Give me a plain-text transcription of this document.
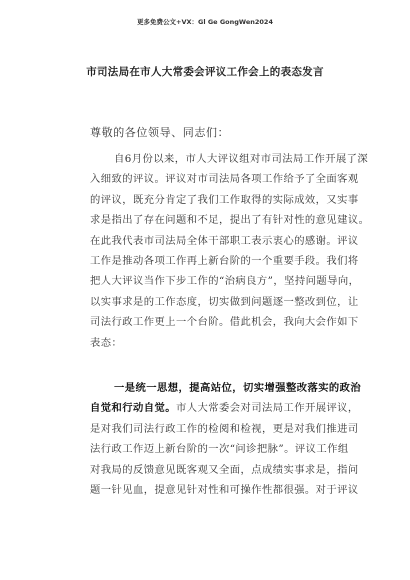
更多免费公文+VX：Gl Ge GongWen2024
市司法局在市人大常委会评议工作会上的表态发言
尊敬的各位领导、同志们：
自6月份以来，市人大评议组对市司法局工作开展了深
入细致的评议。评议对市司法局各项工作给予了全面客观
的评议，既充分肯定了我们工作取得的实际成效，又实事
求是指出了存在问题和不足，提出了有针对性的意见建议。
在此我代表市司法局全体干部职工表示衷心的感谢。评议
工作是推动各项工作再上新台阶的一个重要手段。我们将
把人大评议当作下步工作的“治病良方”，坚持问题导向，
以实事求是的工作态度，切实做到问题逐一整改到位，让
司法行政工作更上一个台阶。借此机会，我向大会作如下
表态：
一是统一思想，提高站位，切实增强整改落实的政治
自觉和行动自觉。市人大常委会对司法局工作开展评议，
是对我们司法行政工作的检阅和检视，更是对我们推进司
法行政工作迈上新台阶的一次“问诊把脉”。评议工作组
对我局的反馈意见既客观又全面，点成绩实事求是，指问
题一针见血，提意见针对性和可操作性都很强。对于评议
